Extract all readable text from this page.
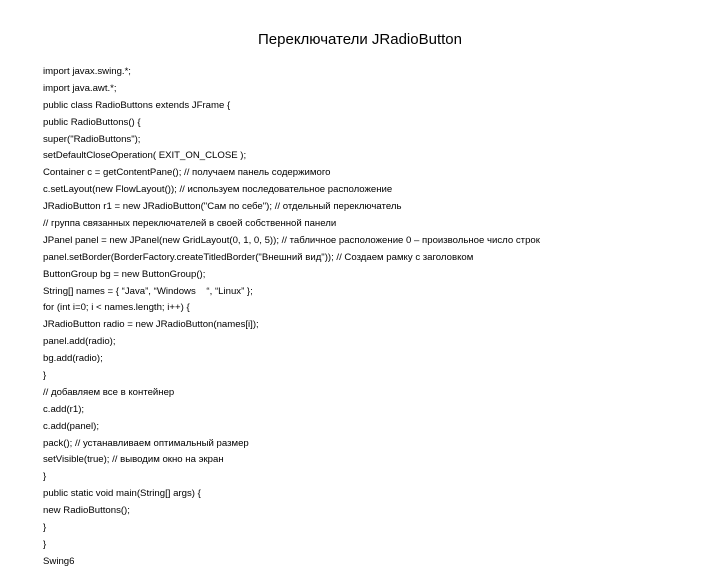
Переключатели JRadioButton
import javax.swing.*;
import java.awt.*;
public class RadioButtons extends JFrame {
public RadioButtons() {
super("RadioButtons");
setDefaultCloseOperation( EXIT_ON_CLOSE );
Container c = getContentPane(); // получаем панель содержимого
c.setLayout(new FlowLayout()); // используем последовательное расположение
JRadioButton r1 = new JRadioButton("Сам по себе"); // отдельный переключатель
// группа связанных переключателей в своей собственной панели
JPanel panel = new JPanel(new GridLayout(0, 1, 0, 5)); // табличное расположение 0 – произвольное число строк
panel.setBorder(BorderFactory.createTitledBorder("Внешний вид")); // Создаем рамку с заголовком
ButtonGroup bg = new ButtonGroup();
String[] names = { “Java”, “Windows    “, “Linux” };
for (int i=0; i < names.length; i++) {
JRadioButton radio = new JRadioButton(names[i]);
panel.add(radio);
bg.add(radio);
}
// добавляем все в контейнер
c.add(r1);
c.add(panel);
pack(); // устанавливаем оптимальный размер
setVisible(true); // выводим окно на экран
}
public static void main(String[] args) {
new RadioButtons();
}
}
Swing6
